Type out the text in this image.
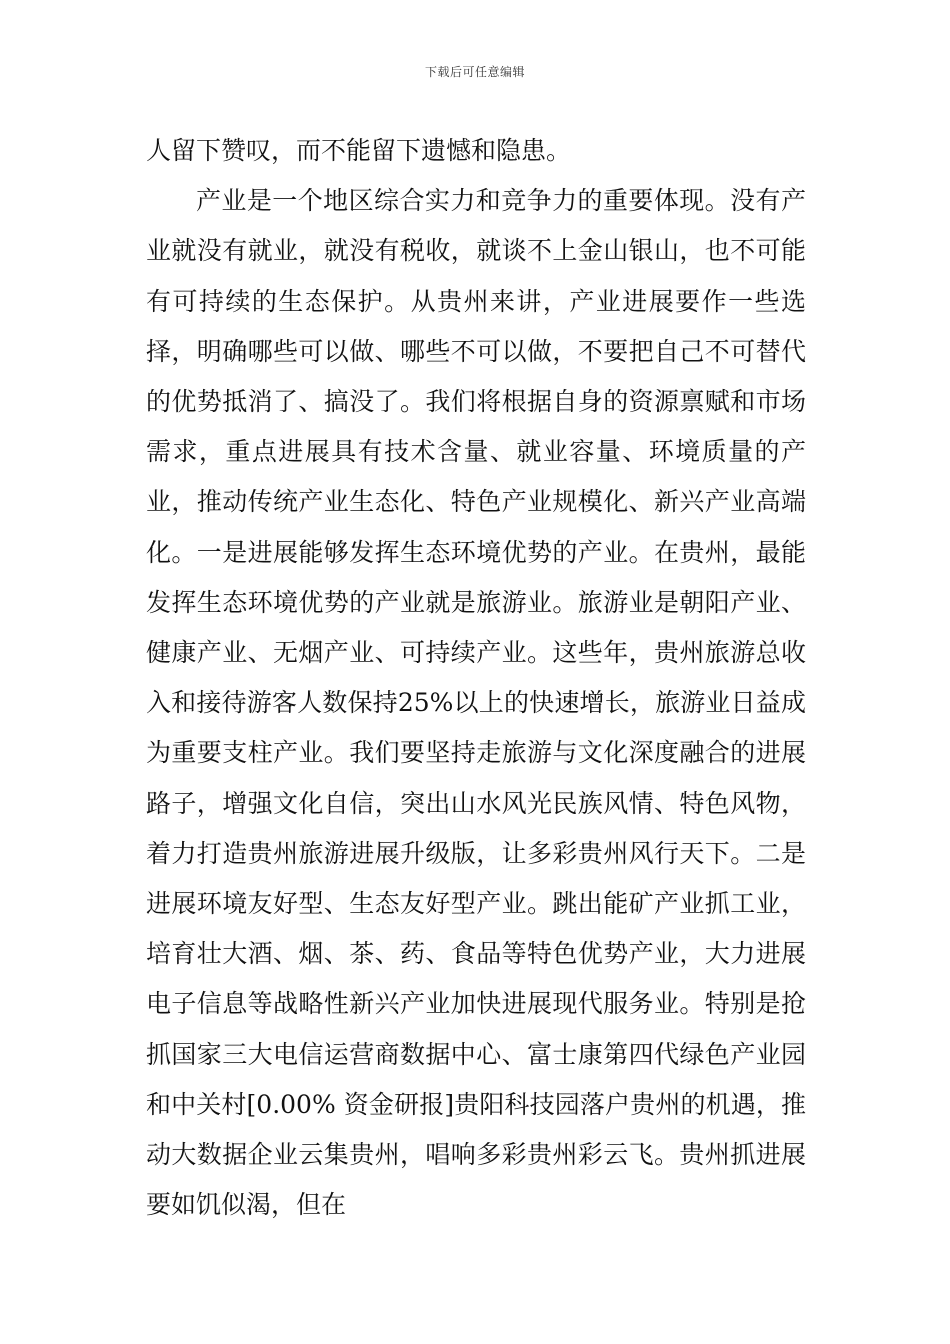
下载后可任意编辑

人留下赞叹，而不能留下遗憾和隐患。

产业是一个地区综合实力和竞争力的重要体现。没有产业就没有就业，就没有税收，就谈不上金山银山，也不可能有可持续的生态保护。从贵州来讲，产业进展要作一些选择，明确哪些可以做、哪些不可以做，不要把自己不可替代的优势抵消了、搞没了。我们将根据自身的资源禀赋和市场需求，重点进展具有技术含量、就业容量、环境质量的产业，推动传统产业生态化、特色产业规模化、新兴产业高端化。一是进展能够发挥生态环境优势的产业。在贵州，最能发挥生态环境优势的产业就是旅游业。旅游业是朝阳产业、健康产业、无烟产业、可持续产业。这些年，贵州旅游总收入和接待游客人数保持25%以上的快速增长，旅游业日益成为重要支柱产业。我们要坚持走旅游与文化深度融合的进展路子，增强文化自信，突出山水风光民族风情、特色风物，着力打造贵州旅游进展升级版，让多彩贵州风行天下。二是进展环境友好型、生态友好型产业。跳出能矿产业抓工业，培育壮大酒、烟、茶、药、食品等特色优势产业，大力进展电子信息等战略性新兴产业加快进展现代服务业。特别是抢抓国家三大电信运营商数据中心、富士康第四代绿色产业园和中关村[0.00% 资金研报]贵阳科技园落户贵州的机遇，推动大数据企业云集贵州，唱响多彩贵州彩云飞。贵州抓进展要如饥似渴，但在
